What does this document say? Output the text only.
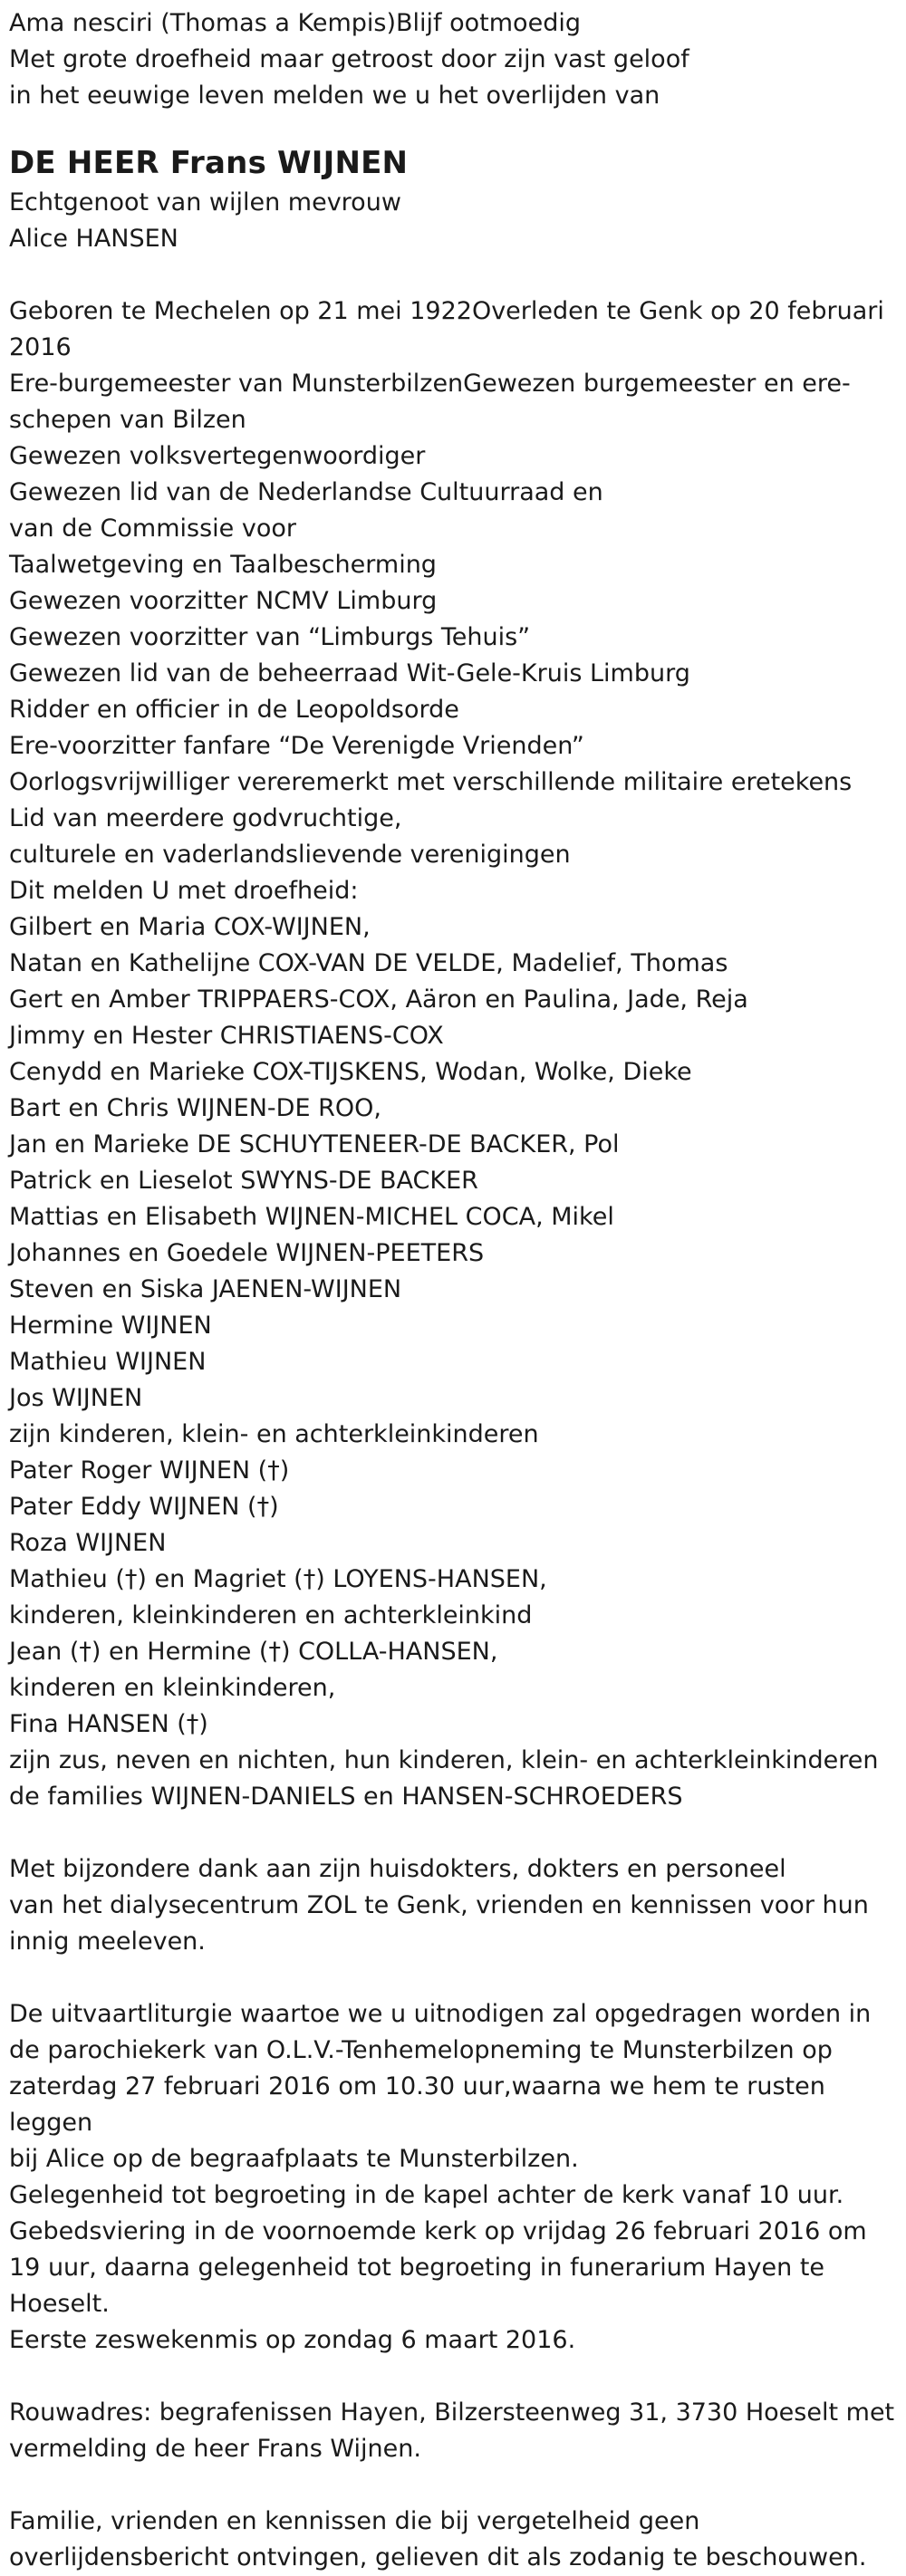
Ama nesciri (Thomas a Kempis)Blijf ootmoedig
Met grote droefheid maar getroost door zijn vast geloof
in het eeuwige leven melden we u het overlijden van
DE HEER Frans WIJNEN
Echtgenoot van wijlen mevrouw
Alice HANSEN
Geboren te Mechelen op 21 mei 1922Overleden te Genk op 20 februari 2016
Ere-burgemeester van MunsterbilzenGewezen burgemeester en ere-schepen van Bilzen
Gewezen volksvertegenwoordiger
Gewezen lid van de Nederlandse Cultuurraad en
van de Commissie voor
Taalwetgeving en Taalbescherming
Gewezen voorzitter NCMV Limburg
Gewezen voorzitter van “Limburgs Tehuis”
Gewezen lid van de beheerraad Wit-Gele-Kruis Limburg
Ridder en officier in de Leopoldsorde
Ere-voorzitter fanfare “De Verenigde Vrienden”
Oorlogsvrijwilliger vereremerkt met verschillende militaire eretekens
Lid van meerdere godvruchtige,
culturele en vaderlandslievende verenigingen
Dit melden U met droefheid:
Gilbert en Maria COX-WIJNEN,
Natan en Kathelijne COX-VAN DE VELDE, Madelief, Thomas
Gert en Amber TRIPPAERS-COX, Aäron en Paulina, Jade, Reja
Jimmy en Hester CHRISTIAENS-COX
Cenydd en Marieke COX-TIJSKENS, Wodan, Wolke, Dieke
Bart en Chris WIJNEN-DE ROO,
Jan en Marieke DE SCHUYTENEER-DE BACKER, Pol
Patrick en Lieselot SWYNS-DE BACKER
Mattias en Elisabeth WIJNEN-MICHEL COCA, Mikel
Johannes en Goedele WIJNEN-PEETERS
Steven en Siska JAENEN-WIJNEN
Hermine WIJNEN
Mathieu WIJNEN
Jos WIJNEN
zijn kinderen, klein- en achterkleinkinderen
Pater Roger WIJNEN (†)
Pater Eddy WIJNEN (†)
Roza WIJNEN
Mathieu (†) en Magriet (†) LOYENS-HANSEN,
kinderen, kleinkinderen en achterkleinkind
Jean (†) en Hermine (†) COLLA-HANSEN,
kinderen en kleinkinderen,
Fina HANSEN (†)
zijn zus, neven en nichten, hun kinderen, klein- en achterkleinkinderen
de families WIJNEN-DANIELS en HANSEN-SCHROEDERS
Met bijzondere dank aan zijn huisdokters, dokters en personeel
van het dialysecentrum ZOL te Genk, vrienden en kennissen voor hun innig meeleven.
De uitvaartliturgie waartoe we u uitnodigen zal opgedragen worden in
de parochiekerk van O.L.V.-Tenhemelopneming te Munsterbilzen op
zaterdag 27 februari 2016 om 10.30 uur,waarna we hem te rusten leggen
bij Alice op de begraafplaats te Munsterbilzen.
Gelegenheid tot begroeting in de kapel achter de kerk vanaf 10 uur.
Gebedsviering in de voornoemde kerk op vrijdag 26 februari 2016 om 19 uur, daarna gelegenheid tot begroeting in funerarium Hayen te Hoeselt.
Eerste zeswekenmis op zondag 6 maart 2016.
Rouwadres: begrafenissen Hayen, Bilzersteenweg 31, 3730 Hoeselt met vermelding de heer Frans Wijnen.
Familie, vrienden en kennissen die bij vergetelheid geen
overlijdensbericht ontvingen, gelieven dit als zodanig te beschouwen.
